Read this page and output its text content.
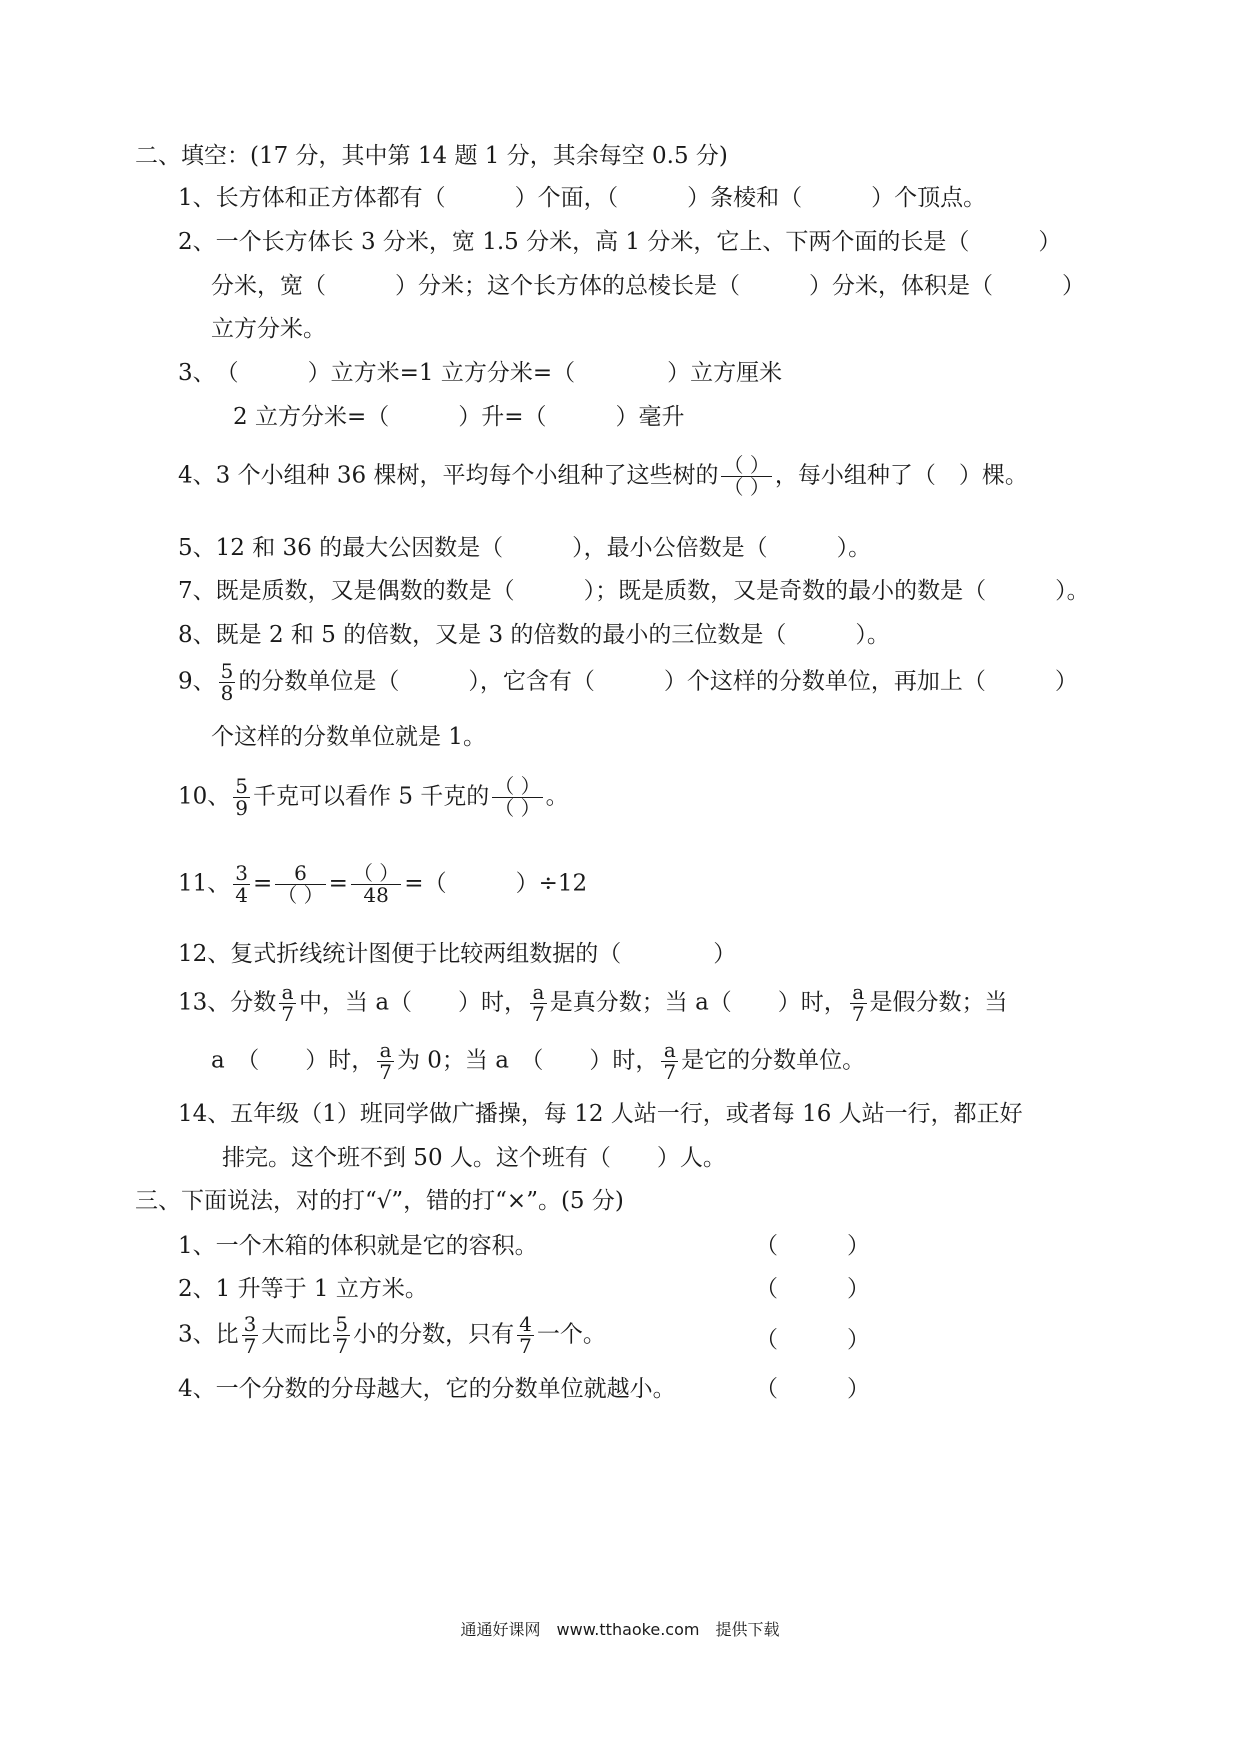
二、填空：(17 分，其中第 14 题 1 分，其余每空 0.5 分)
1、长方体和正方体都有（　　　）个面，（　　　）条棱和（　　　）个顶点。
2、一个长方体长 3 分米，宽 1.5 分米，高 1 分米，它上、下两个面的长是（　　　）
分米，宽（　　　）分米；这个长方体的总棱长是（　　　）分米，体积是（　　　）
立方分米。
3、　（　　　）立方米=1 立方分米=（　　　　）立方厘米
2 立方分米=（　　　）升=（　　　）毫升
4、3 个小组种 36 棵树，平均每个小组种了这些树的 $\frac{( )}{( )}$ ，每小组种了（　）棵。
5、12 和 36 的最大公因数是（　　　），最小公倍数是（　　　）。
7、既是质数，又是偶数的数是（　　　）；既是质数，又是奇数的最小的数是（　　　）。
8、既是 2 和 5 的倍数，又是 3 的倍数的最小的三位数是（　　　）。
9、 $\frac{5}{8}$ 的分数单位是（　　　），它含有（　　　）个这样的分数单位，再加上（　　　）
个这样的分数单位就是 1。
10、 $\frac{5}{9}$ 千克可以看作 5 千克的 $\frac{( )}{( )}$ 。
11、 $\frac{3}{4} = \frac{6}{( )} = \frac{( )}{48}$ =（　　　）÷12
12、复式折线统计图便于比较两组数据的（　　　　）
13、分数 $\frac{a}{7}$ 中，当 a（　　）时， $\frac{a}{7}$ 是真分数；当 a（　　）时， $\frac{a}{7}$ 是假分数；当
a　（　　）时， $\frac{a}{7}$ 为 0；当 a　（　　）时， $\frac{a}{7}$ 是它的分数单位。
14、五年级（1）班同学做广播操，每 12 人站一行，或者每 16 人站一行，都正好
排完。这个班不到 50 人。这个班有（　　）人。
三、下面说法，对的打“√”，错的打“×”。(5 分)
1、一个木箱的体积就是它的容积。	（　　　）
2、1 升等于 1 立方米。	（　　　）
3、比 $\frac{3}{7}$ 大而比 $\frac{5}{7}$ 小的分数，只有 $\frac{4}{7}$ 一个。	（　　　）
4、一个分数的分母越大，它的分数单位就越小。	（　　　）
通通好课网　www.tthaoke.com　提供下载
